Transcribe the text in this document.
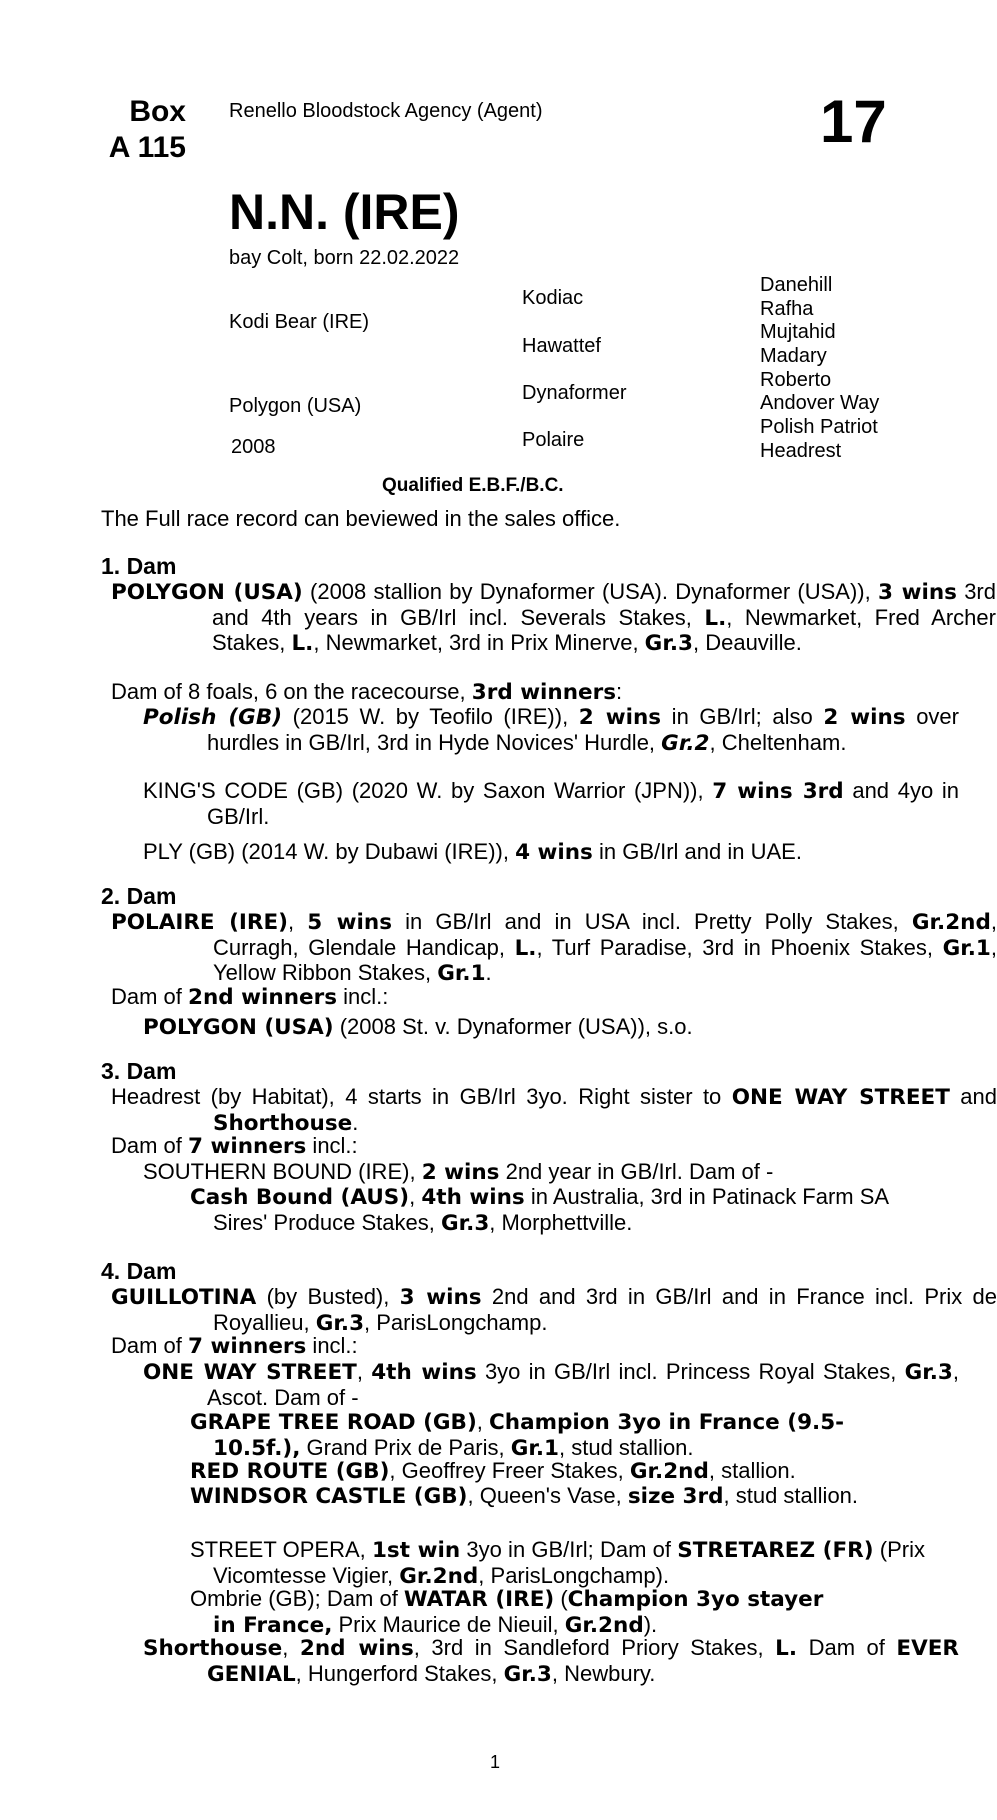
Box
A 115
Renello Bloodstock Agency (Agent)	17
N.N. (IRE)
bay Colt, born 22.02.2022
Kodi Bear (IRE)
Polygon (USA)
2008
Kodiac
Hawattef
Dynaformer
Polaire
Danehill
Rafha
Mujtahid
Madary
Roberto
Andover Way
Polish Patriot
Headrest
Qualified E.B.F./B.C.
The Full race record can beviewed in the sales office.
1. Dam
POLYGON (USA) (2008 stallion by Dynaformer (USA). Dynaformer (USA)), 3 wins 3rd and 4th years in GB/Irl incl. Severals Stakes, L., Newmarket, Fred Archer Stakes, L., Newmarket, 3rd in Prix Minerve, Gr.3, Deauville.
Dam of 8 foals, 6 on the racecourse, 3rd winners:
Polish (GB) (2015 W. by Teofilo (IRE)), 2 wins in GB/Irl; also 2 wins over hurdles in GB/Irl, 3rd in Hyde Novices' Hurdle, Gr.2, Cheltenham.
KING'S CODE (GB) (2020 W. by Saxon Warrior (JPN)), 7 wins 3rd and 4yo in GB/Irl.
PLY (GB) (2014 W. by Dubawi (IRE)), 4 wins in GB/Irl and in UAE.
2. Dam
POLAIRE (IRE), 5 wins in GB/Irl and in USA incl. Pretty Polly Stakes, Gr.2nd, Curragh, Glendale Handicap, L., Turf Paradise, 3rd in Phoenix Stakes, Gr.1, Yellow Ribbon Stakes, Gr.1.
Dam of 2nd winners incl.:
POLYGON (USA) (2008 St. v. Dynaformer (USA)), s.o.
3. Dam
Headrest (by Habitat), 4 starts in GB/Irl 3yo. Right sister to ONE WAY STREET and Shorthouse.
Dam of 7 winners incl.:
SOUTHERN BOUND (IRE), 2 wins 2nd year in GB/Irl. Dam of -
Cash Bound (AUS), 4th wins in Australia, 3rd in Patinack Farm SA Sires' Produce Stakes, Gr.3, Morphettville.
4. Dam
GUILLOTINA (by Busted), 3 wins 2nd and 3rd in GB/Irl and in France incl. Prix de Royallieu, Gr.3, ParisLongchamp.
Dam of 7 winners incl.:
ONE WAY STREET, 4th wins 3yo in GB/Irl incl. Princess Royal Stakes, Gr.3, Ascot. Dam of -
GRAPE TREE ROAD (GB), Champion 3yo in France (9.5-10.5f.), Grand Prix de Paris, Gr.1, stud stallion.
RED ROUTE (GB), Geoffrey Freer Stakes, Gr.2nd, stallion.
WINDSOR CASTLE (GB), Queen's Vase, size 3rd, stud stallion.
STREET OPERA, 1st win 3yo in GB/Irl; Dam of STRETAREZ (FR) (Prix Vicomtesse Vigier, Gr.2nd, ParisLongchamp).
Ombrie (GB); Dam of WATAR (IRE) (Champion 3yo stayer in France, Prix Maurice de Nieuil, Gr.2nd).
Shorthouse, 2nd wins, 3rd in Sandleford Priory Stakes, L. Dam of EVER GENIAL, Hungerford Stakes, Gr.3, Newbury.
1
